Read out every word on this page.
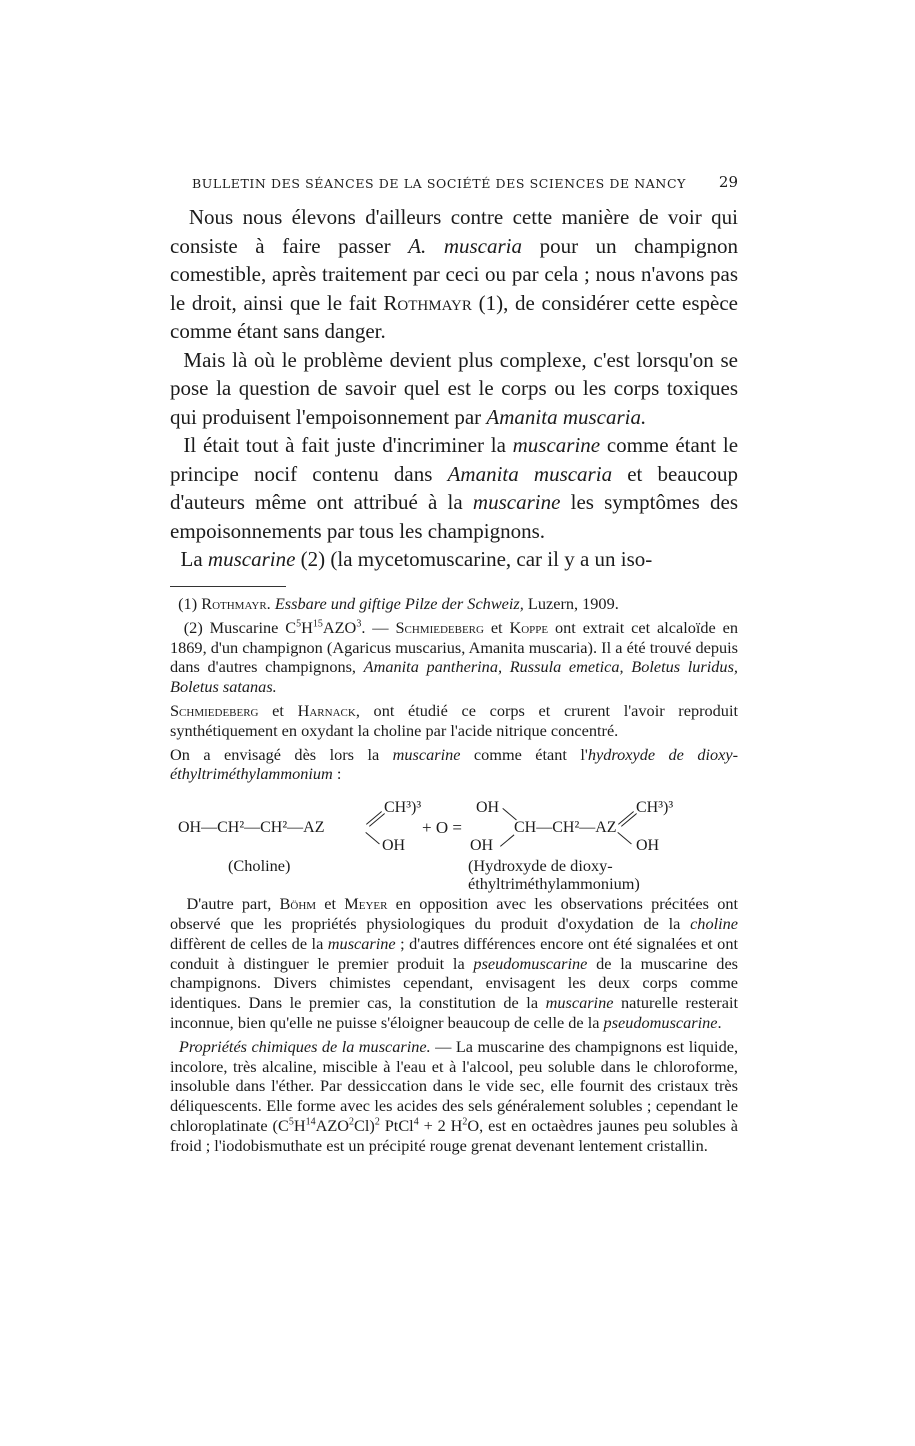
BULLETIN DES SÉANCES DE LA SOCIÉTÉ DES SCIENCES DE NANCY 29

Nous nous élevons d'ailleurs contre cette manière de voir qui consiste à faire passer A. muscaria pour un champignon comestible, après traitement par ceci ou par cela ; nous n'avons pas le droit, ainsi que le fait Rothmayr (1), de considérer cette espèce comme étant sans danger.

Mais là où le problème devient plus complexe, c'est lorsqu'on se pose la question de savoir quel est le corps ou les corps toxiques qui produisent l'empoisonnement par Amanita muscaria.

Il était tout à fait juste d'incriminer la muscarine comme étant le principe nocif contenu dans Amanita muscaria et beaucoup d'auteurs même ont attribué à la muscarine les symptômes des empoisonnements par tous les champignons.

La muscarine (2) (la mycetomuscarine, car il y a un iso-

(1) Rothmayr. Essbare und giftige Pilze der Schweiz, Luzern, 1909.

(2) Muscarine $C^5H^{15}AZO^3$. — Schmiedeberg et Koppe ont extrait cet alcaloïde en 1869, d'un champignon (Agaricus muscarius, Amanita muscaria). Il a été trouvé depuis dans d'autres champignons, Amanita pantherina, Russula emetica, Boletus luridus, Boletus satanas.

Schmiedeberg et Harnack, ont étudié ce corps et crurent l'avoir reproduit synthétiquement en oxydant la choline par l'acide nitrique concentré.

On a envisagé dès lors la muscarine comme étant l'hydroxyde de dioxy-éthyltriméthylammonium :

OH—CH²—CH²—AZ
CH³)³
OH
+ O =
OH
OH
CH—CH²—AZ
CH³)³
OH
(Choline)	(Hydroxyde de dioxy-
éthyltriméthylammonium)

D'autre part, Böhm et Meyer en opposition avec les observations précitées ont observé que les propriétés physiologiques du produit d'oxydation de la choline diffèrent de celles de la muscarine ; d'autres différences encore ont été signalées et ont conduit à distinguer le premier produit la pseudomuscarine de la muscarine des champignons. Divers chimistes cependant, envisagent les deux corps comme identiques. Dans le premier cas, la constitution de la muscarine naturelle resterait inconnue, bien qu'elle ne puisse s'éloigner beaucoup de celle de la pseudomuscarine.

Propriétés chimiques de la muscarine. — La muscarine des champignons est liquide, incolore, très alcaline, miscible à l'eau et à l'alcool, peu soluble dans le chloroforme, insoluble dans l'éther. Par dessiccation dans le vide sec, elle fournit des cristaux très déliquescents. Elle forme avec les acides des sels généralement solubles ; cependant le chloroplatinate $(C^5H^{14}AZO^2Cl)^2$ PtCl$^4$ + 2 $H^2O$, est en octaèdres jaunes peu solubles à froid ; l'iodobismuthate est un précipité rouge grenat devenant lentement cristallin.
